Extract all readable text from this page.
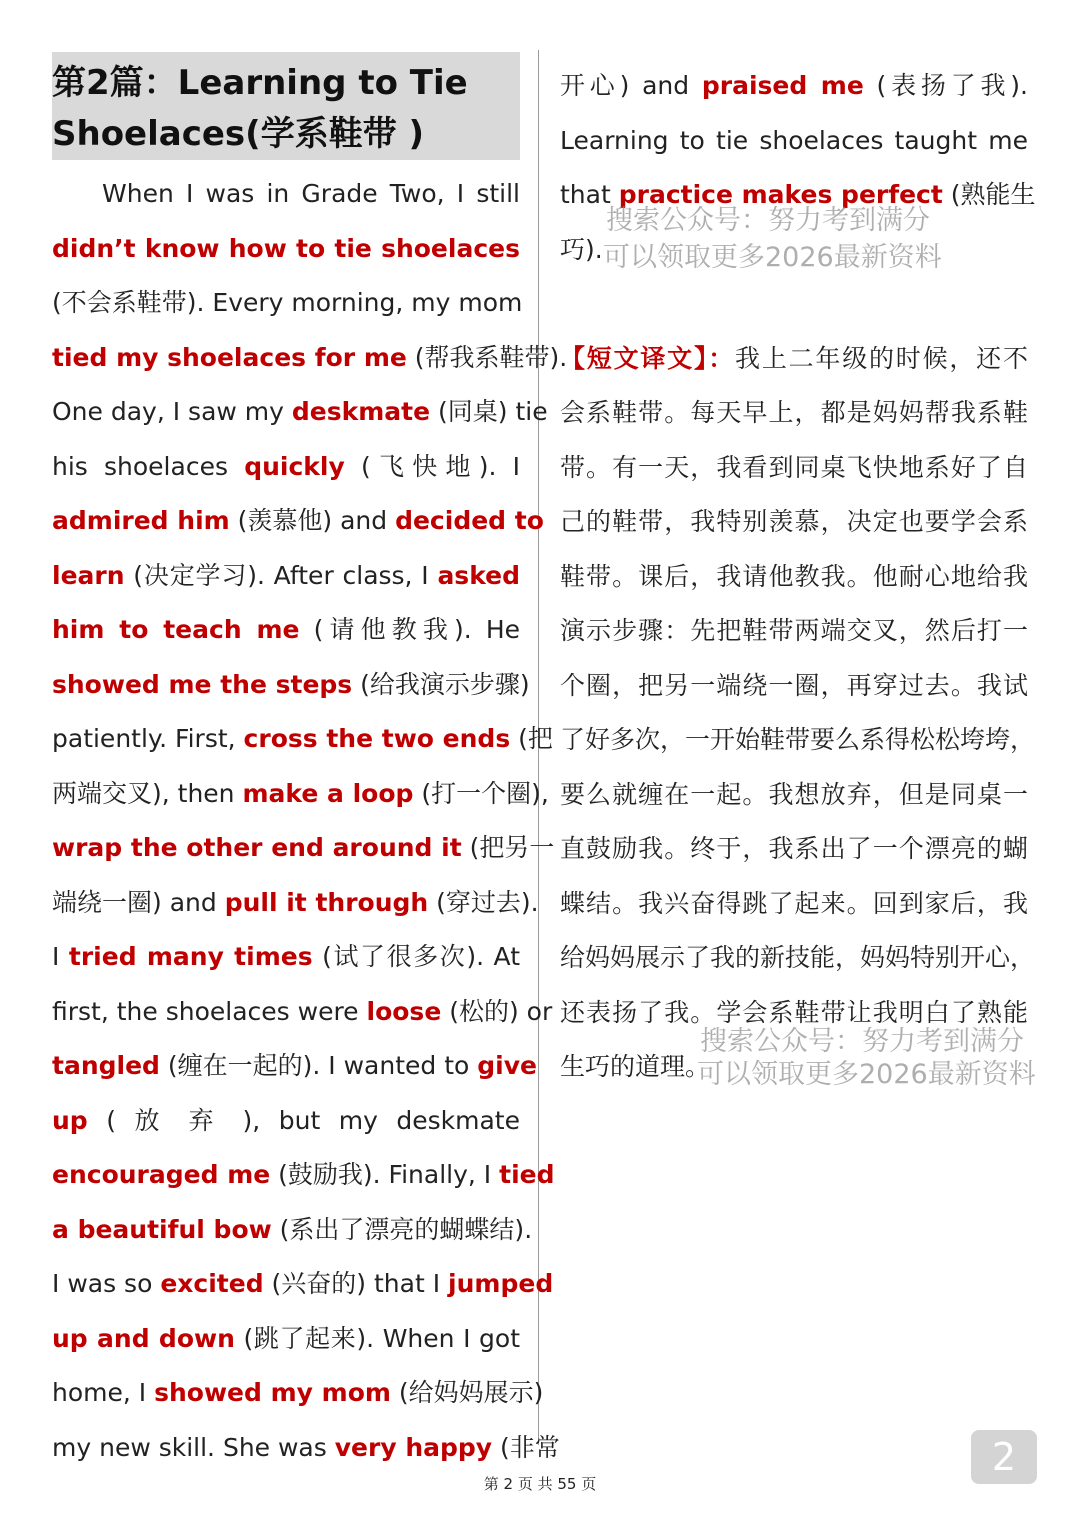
第2篇：Learning to Tie
Shoelaces(学系鞋带 )
When I was in Grade Two, I still
didn’t know how to tie shoelaces
(不会系鞋带). Every morning, my mom
tied my shoelaces for me (帮我系鞋带).
One day, I saw my deskmate (同桌) tie
his shoelaces quickly (飞快地). I
admired him (羡慕他) and decided to
learn (决定学习). After class, I asked
him to teach me (请他教我). He
showed me the steps (给我演示步骤)
patiently. First, cross the two ends (把
两端交叉), then make a loop (打一个圈),
wrap the other end around it (把另一
端绕一圈) and pull it through (穿过去).
I tried many times (试了很多次). At
first, the shoelaces were loose (松的) or
tangled (缠在一起的). I wanted to give
up ( 放 弃 ), but my deskmate
encouraged me (鼓励我). Finally, I tied
a beautiful bow (系出了漂亮的蝴蝶结).
I was so excited (兴奋的) that I jumped
up and down (跳了起来). When I got
home, I showed my mom (给妈妈展示)
my new skill. She was very happy (非常
开心) and praised me (表扬了我).
Learning to tie shoelaces taught me
that practice makes perfect (熟能生
巧).

【短文译文】：我上二年级的时候，还不
会系鞋带。每天早上，都是妈妈帮我系鞋
带。有一天，我看到同桌飞快地系好了自
己的鞋带，我特别羡慕，决定也要学会系
鞋带。课后，我请他教我。他耐心地给我
演示步骤：先把鞋带两端交叉，然后打一
个圈，把另一端绕一圈，再穿过去。我试
了好多次，一开始鞋带要么系得松松垮垮，
要么就缠在一起。我想放弃，但是同桌一
直鼓励我。终于，我系出了一个漂亮的蝴
蝶结。我兴奋得跳了起来。回到家后，我
给妈妈展示了我的新技能，妈妈特别开心，
还表扬了我。学会系鞋带让我明白了熟能
生巧的道理。
搜索公众号：努力考到满分
可以领取更多2026最新资料
搜索公众号：努力考到满分
可以领取更多2026最新资料
第 2 页 共 55 页
2
